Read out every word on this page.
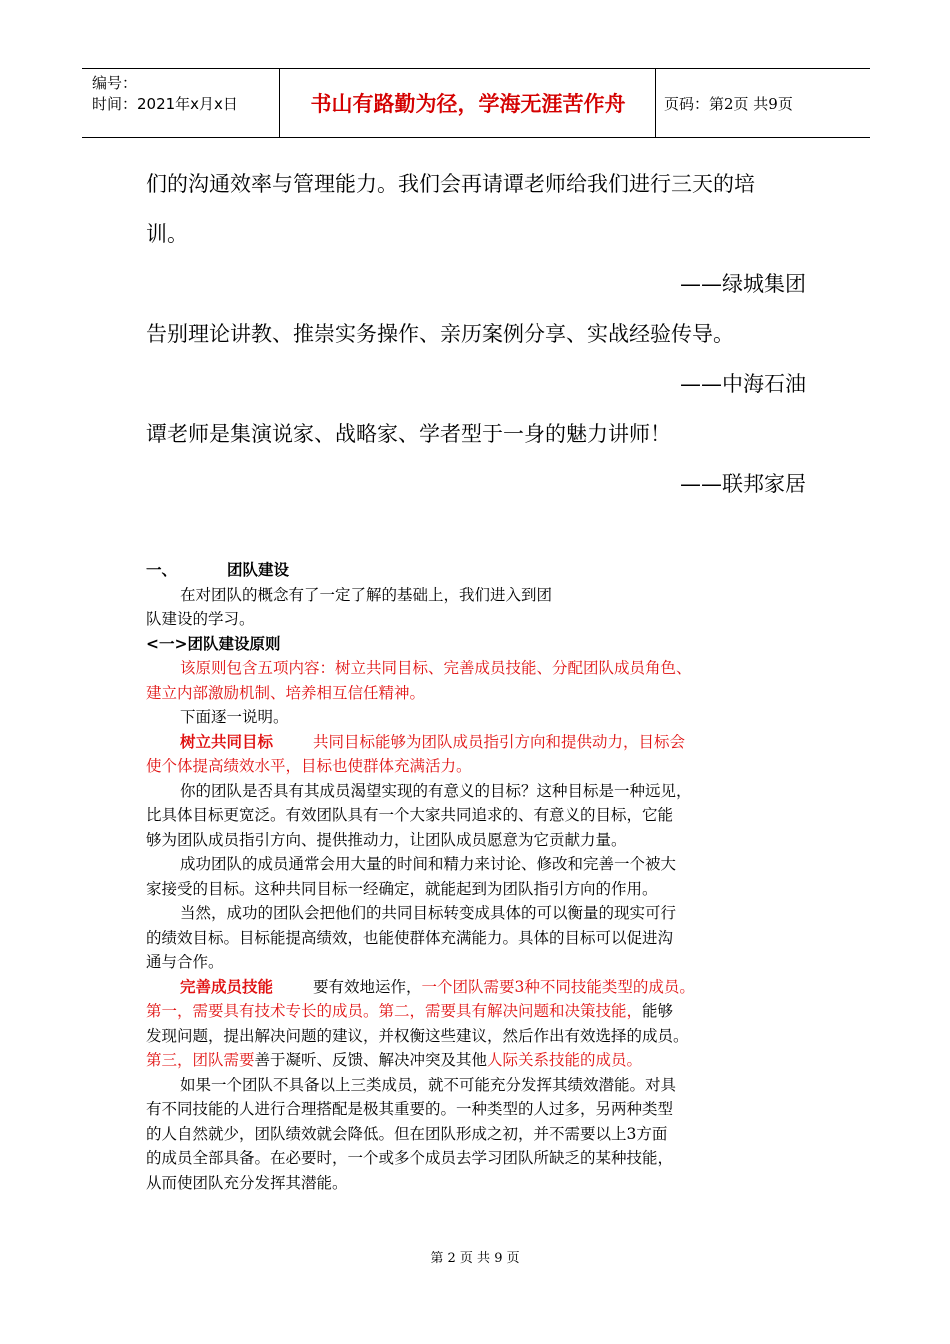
编号：
时间：2021年x月x日	书山有路勤为径，学海无涯苦作舟	页码：第2页 共9页
们的沟通效率与管理能力。我们会再请谭老师给我们进行三天的培
训。
——绿城集团
告别理论讲教、推崇实务操作、亲历案例分享、实战经验传导。
——中海石油
谭老师是集演说家、战略家、学者型于一身的魅力讲师！
——联邦家居

一、	团队建设

在对团队的概念有了一定了解的基础上，我们进入到团

队建设的学习。

<一>团队建设原则

该原则包含五项内容：树立共同目标、完善成员技能、分配团队成员角色、

建立内部激励机制、培养相互信任精神。

下面逐一说明。

树立共同目标	共同目标能够为团队成员指引方向和提供动力，目标会

使个体提高绩效水平，目标也使群体充满活力。

你的团队是否具有其成员渴望实现的有意义的目标？这种目标是一种远见，

比具体目标更宽泛。有效团队具有一个大家共同追求的、有意义的目标，它能

够为团队成员指引方向、提供推动力，让团队成员愿意为它贡献力量。

成功团队的成员通常会用大量的时间和精力来讨论、修改和完善一个被大

家接受的目标。这种共同目标一经确定，就能起到为团队指引方向的作用。

当然，成功的团队会把他们的共同目标转变成具体的可以衡量的现实可行

的绩效目标。目标能提高绩效，也能使群体充满能力。具体的目标可以促进沟

通与合作。

完善成员技能	要有效地运作，一个团队需要3种不同技能类型的成员。

第一，需要具有技术专长的成员。第二，需要具有解决问题和决策技能，能够

发现问题，提出解决问题的建议，并权衡这些建议，然后作出有效选择的成员。

第三，团队需要善于凝听、反馈、解决冲突及其他人际关系技能的成员。

如果一个团队不具备以上三类成员，就不可能充分发挥其绩效潜能。对具

有不同技能的人进行合理搭配是极其重要的。一种类型的人过多，另两种类型

的人自然就少，团队绩效就会降低。但在团队形成之初，并不需要以上3方面

的成员全部具备。在必要时，一个或多个成员去学习团队所缺乏的某种技能，

从而使团队充分发挥其潜能。

第 2 页 共 9 页
